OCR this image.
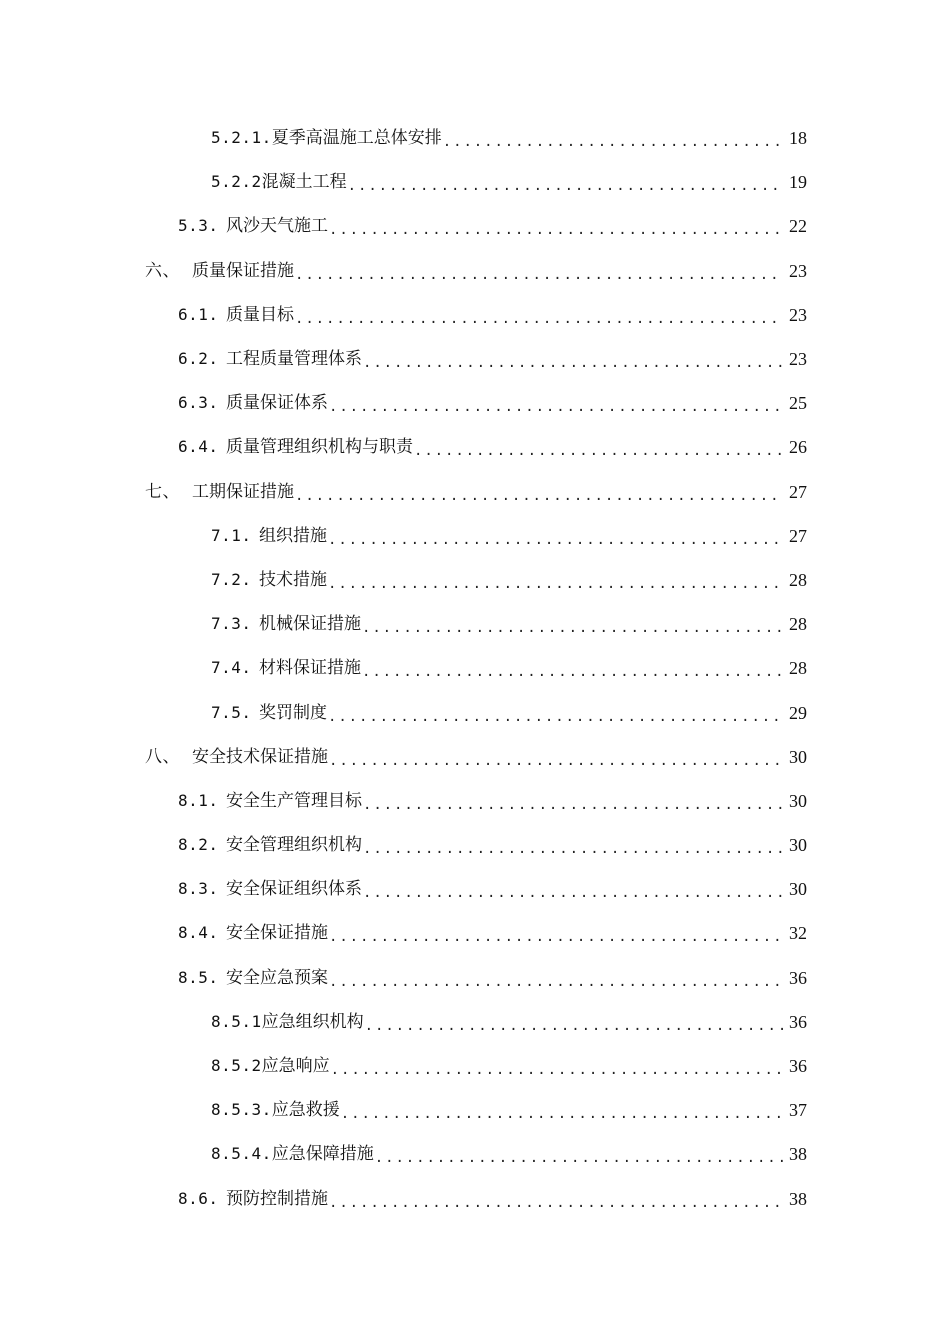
5.2.1. 夏季高温施工总体安排 .....	18
5.2.2 混凝土工程 .....	19
5.3. 风沙天气施工 .....	22
六、 质量保证措施 .....	23
6.1. 质量目标 .....	23
6.2. 工程质量管理体系 .....	23
6.3. 质量保证体系 .....	25
6.4. 质量管理组织机构与职责 .....	26
七、 工期保证措施 .....	27
7.1. 组织措施 .....	27
7.2. 技术措施 .....	28
7.3. 机械保证措施 .....	28
7.4. 材料保证措施 .....	28
7.5. 奖罚制度 .....	29
八、 安全技术保证措施 .....	30
8.1. 安全生产管理目标 .....	30
8.2. 安全管理组织机构 .....	30
8.3. 安全保证组织体系 .....	30
8.4. 安全保证措施 .....	32
8.5. 安全应急预案 .....	36
8.5.1 应急组织机构 .....	36
8.5.2 应急响应 .....	36
8.5.3. 应急救援 .....	37
8.5.4. 应急保障措施 .....	38
8.6. 预防控制措施 .....	38
